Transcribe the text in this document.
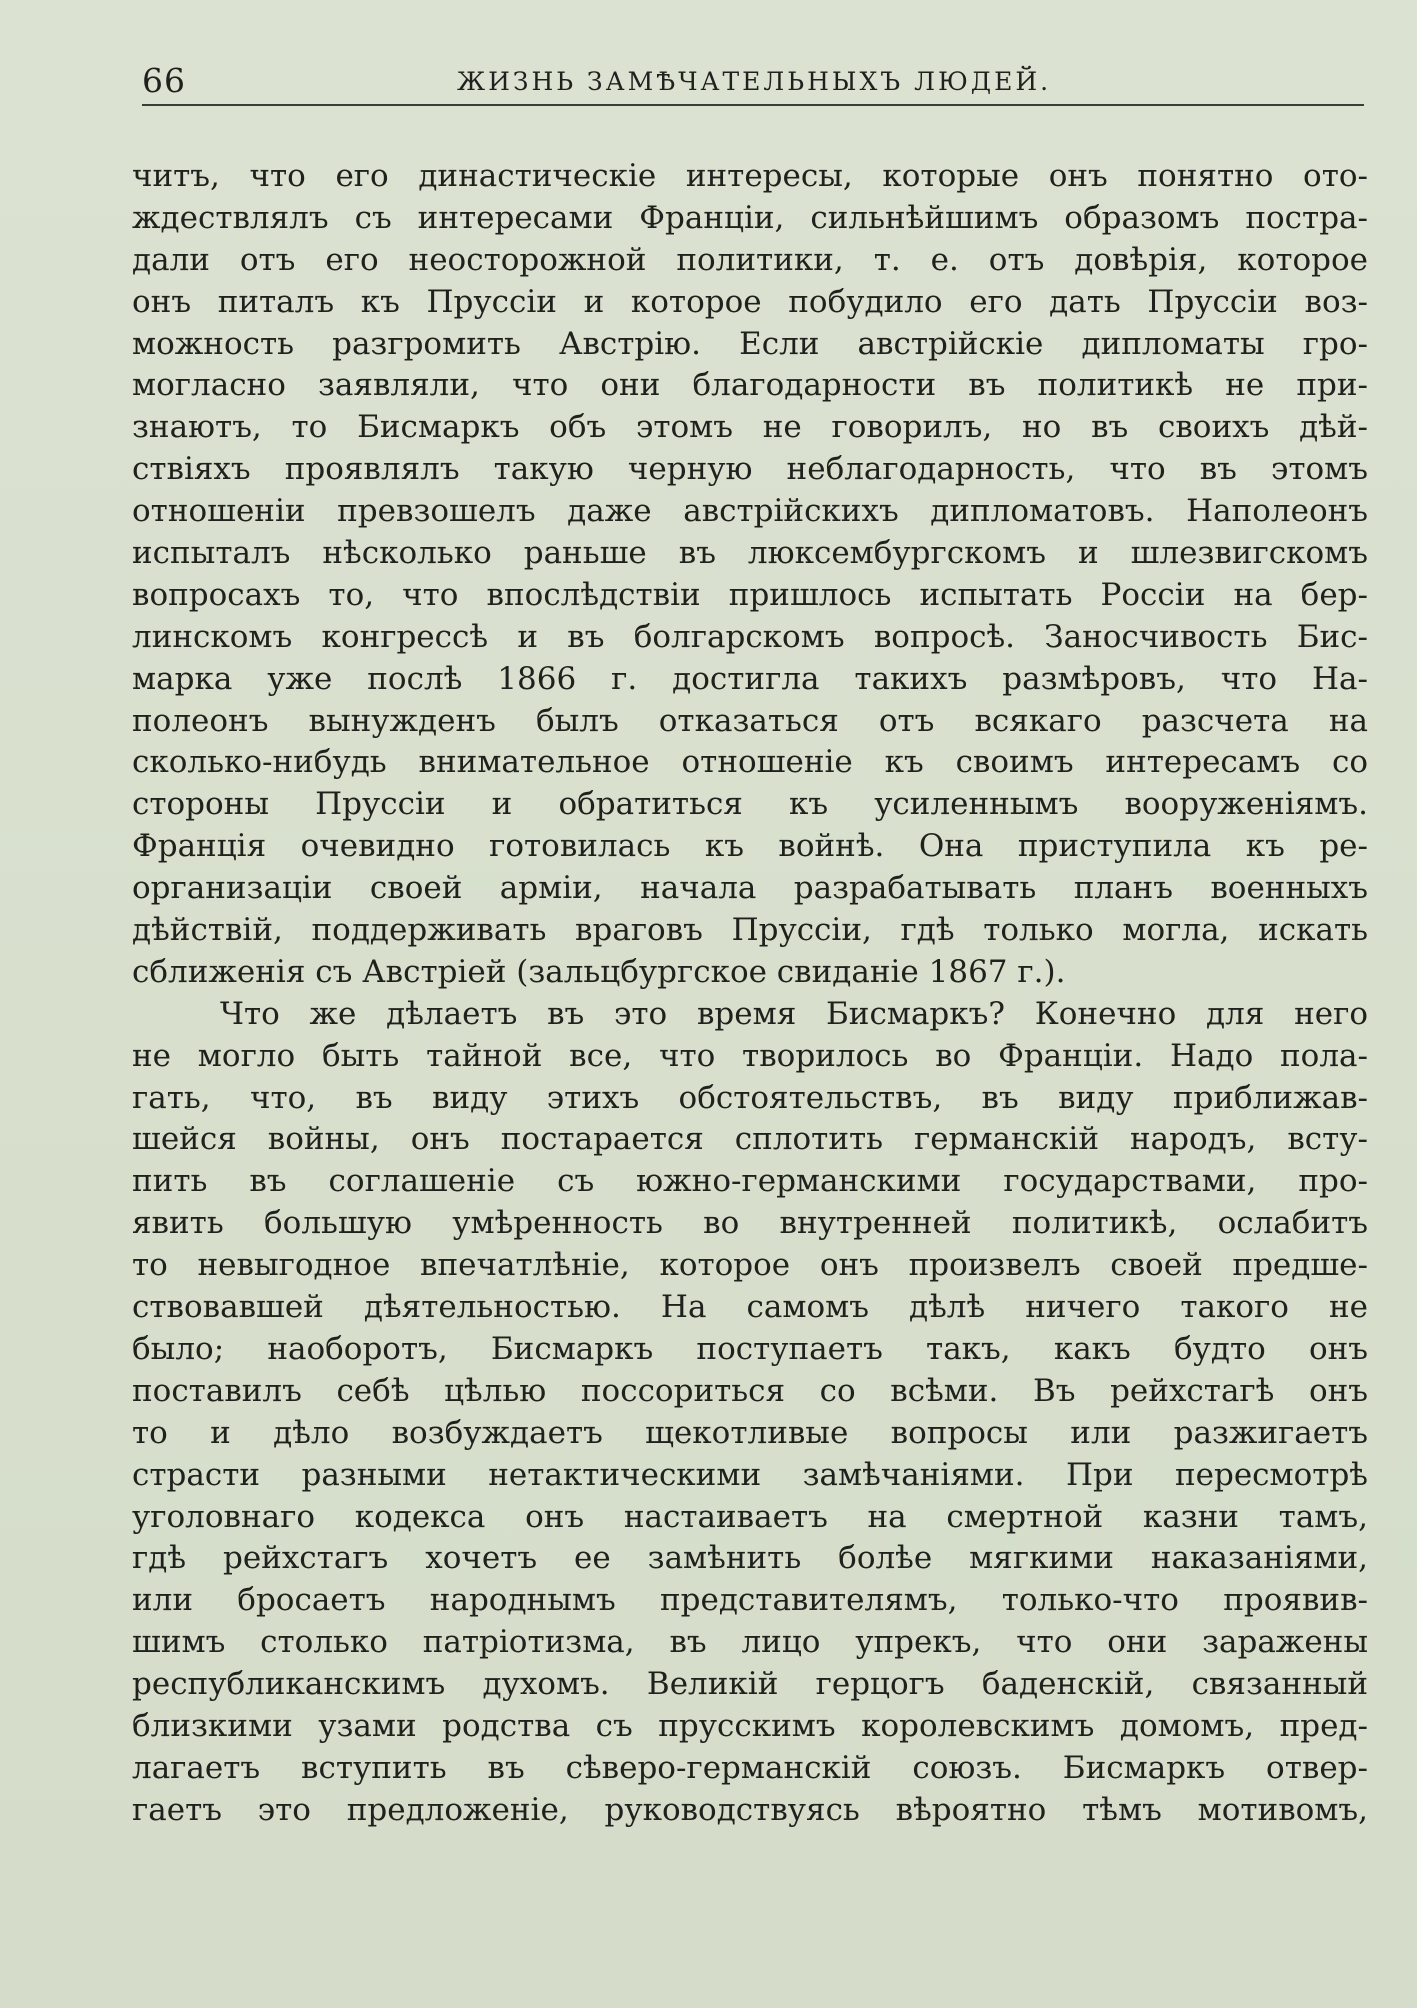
66	ЖИЗНЬ ЗАМѢЧАТЕЛЬНЫХЪ ЛЮДЕЙ.
читъ, что его династическіе интересы, которые онъ понятно ото-
ждествлялъ съ интересами Франціи, сильнѣйшимъ образомъ постра-
дали отъ его неосторожной политики, т. е. отъ довѣрія, которое
онъ питалъ къ Пруссіи и которое побудило его дать Пруссіи воз-
можность разгромить Австрію. Если австрійскіе дипломаты гро-
могласно заявляли, что они благодарности въ политикѣ не при-
знаютъ, то Бисмаркъ объ этомъ не говорилъ, но въ своихъ дѣй-
ствіяхъ проявлялъ такую черную неблагодарность, что въ этомъ
отношеніи превзошелъ даже австрійскихъ дипломатовъ. Наполеонъ
испыталъ нѣсколько раньше въ люксембургскомъ и шлезвигскомъ
вопросахъ то, что впослѣдствіи пришлось испытать Россіи на бер-
линскомъ конгрессѣ и въ болгарскомъ вопросѣ. Заносчивость Бис-
марка уже послѣ 1866 г. достигла такихъ размѣровъ, что На-
полеонъ вынужденъ былъ отказаться отъ всякаго разсчета на
сколько-нибудь внимательное отношеніе къ своимъ интересамъ со
стороны Пруссіи и обратиться къ усиленнымъ вооруженіямъ.
Франція очевидно готовилась къ войнѣ. Она приступила къ ре-
организаціи своей арміи, начала разрабатывать планъ военныхъ
дѣйствій, поддерживать враговъ Пруссіи, гдѣ только могла, искать
сближенія съ Австріей (зальцбургское свиданіе 1867 г.).
Что же дѣлаетъ въ это время Бисмаркъ? Конечно для него
не могло быть тайной все, что творилось во Франціи. Надо пола-
гать, что, въ виду этихъ обстоятельствъ, въ виду приближав-
шейся войны, онъ постарается сплотить германскій народъ, всту-
пить въ соглашеніе съ южно-германскими государствами, про-
явить большую умѣренность во внутренней политикѣ, ослабитъ
то невыгодное впечатлѣніе, которое онъ произвелъ своей предше-
ствовавшей дѣятельностью. На самомъ дѣлѣ ничего такого не
было; наоборотъ, Бисмаркъ поступаетъ такъ, какъ будто онъ
поставилъ себѣ цѣлью поссориться со всѣми. Въ рейхстагѣ онъ
то и дѣло возбуждаетъ щекотливые вопросы или разжигаетъ
страсти разными нетактическими замѣчаніями. При пересмотрѣ
уголовнаго кодекса онъ настаиваетъ на смертной казни тамъ,
гдѣ рейхстагъ хочетъ ее замѣнить болѣе мягкими наказаніями,
или бросаетъ народнымъ представителямъ, только-что проявив-
шимъ столько патріотизма, въ лицо упрекъ, что они заражены
республиканскимъ духомъ. Великій герцогъ баденскій, связанный
близкими узами родства съ прусскимъ королевскимъ домомъ, пред-
лагаетъ вступить въ сѣверо-германскій союзъ. Бисмаркъ отвер-
гаетъ это предложеніе, руководствуясь вѣроятно тѣмъ мотивомъ,
